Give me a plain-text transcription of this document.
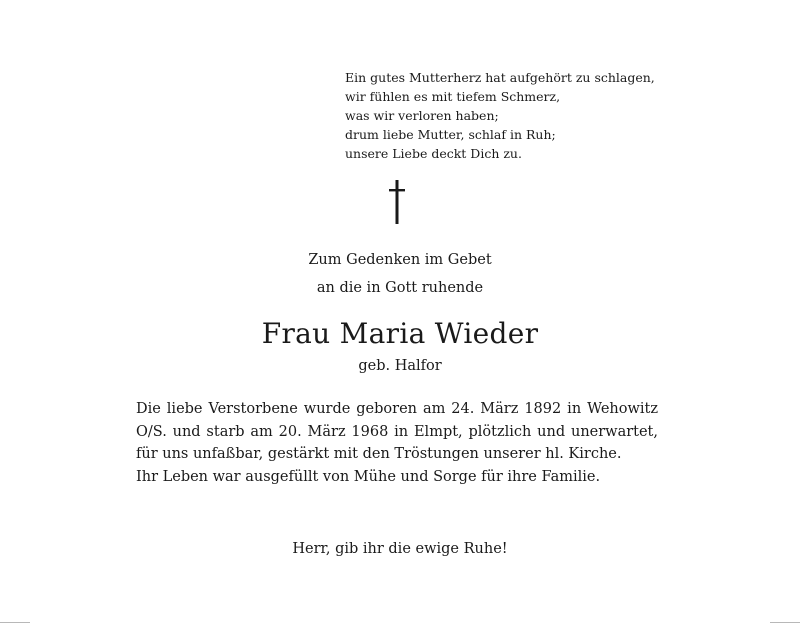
Ein gutes Mutterherz hat aufgehört zu schlagen,
wir fühlen es mit tiefem Schmerz,
was wir verloren haben;
drum liebe Mutter, schlaf in Ruh;
unsere Liebe deckt Dich zu.
Zum Gedenken im Gebet
an die in Gott ruhende
Frau Maria Wieder
geb. Halfor
Die liebe Verstorbene wurde geboren am 24. März 1892 in Wehowitz O/S. und starb am 20. März 1968 in Elmpt, plötzlich und unerwartet, für uns unfaßbar, gestärkt mit den Tröstungen unserer hl. Kirche.
Ihr Leben war ausgefüllt von Mühe und Sorge für ihre Familie.
Herr, gib ihr die ewige Ruhe!
